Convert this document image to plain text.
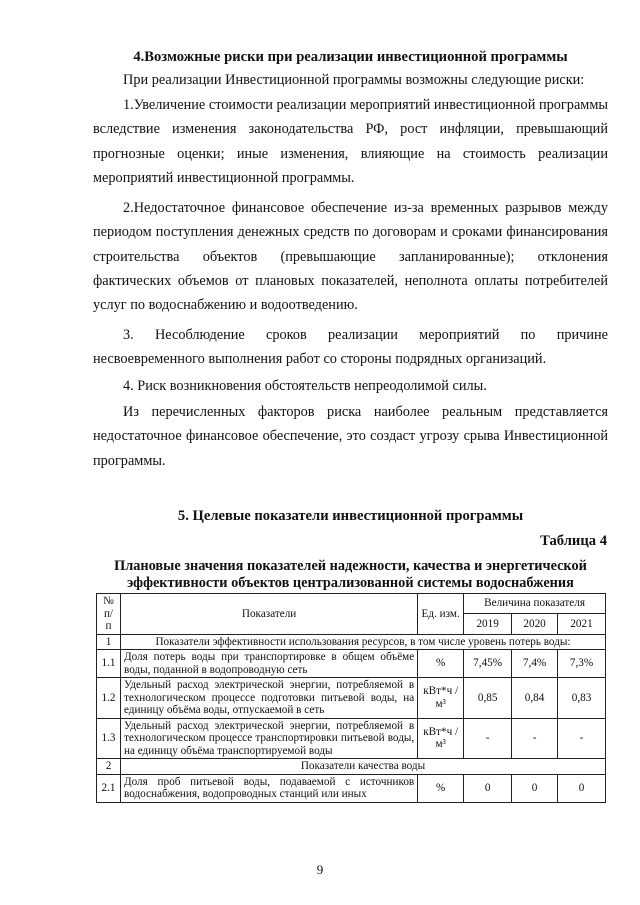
4.Возможные риски при реализации инвестиционной программы

При реализации Инвестиционной программы возможны следующие риски:

1.Увеличение стоимости реализации мероприятий инвестиционной программы вследствие изменения законодательства РФ, рост инфляции, превышающий прогнозные оценки; иные изменения, влияющие на стоимость реализации мероприятий инвестиционной программы.

2.Недостаточное финансовое обеспечение из-за временных разрывов между периодом поступления денежных средств по договорам и сроками финансирования строительства объектов (превышающие запланированные); отклонения фактических объемов от плановых показателей, неполнота оплаты потребителей услуг по водоснабжению и водоотведению.

3. Несоблюдение сроков реализации мероприятий по причине несвоевременного выполнения работ со стороны подрядных организаций.

4. Риск возникновения обстоятельств непреодолимой силы.

Из перечисленных факторов риска наиболее реальным представляется недостаточное финансовое обеспечение, это создаст угрозу срыва Инвестиционной программы.

5. Целевые показатели инвестиционной программы
Таблица 4
Плановые значения показателей надежности, качества и энергетической
эффективности объектов централизованной системы водоснабжения
№ п/ п	Показатели	Ед. изм.	Величина показателя		
			2019	2020	2021
1	Показатели эффективности использования ресурсов, в том числе уровень потерь воды:				
1.1	Доля потерь воды при транспортировке в общем объёме воды, поданной в водопроводную сеть	%	7,45%	7,4%	7,3%
1.2	Удельный расход электрической энергии, потребляемой в технологическом процессе подготовки питьевой воды, на единицу объёма воды, отпускаемой в сеть	кВт*ч /м³	0,85	0,84	0,83
1.3	Удельный расход электрической энергии, потребляемой в технологическом процессе транспортировки питьевой воды, на единицу объёма транспортируемой воды	кВт*ч /м³	-	-	-
2	Показатели качества воды				
2.1	Доля проб питьевой воды, подаваемой с источников водоснабжения, водопроводных станций или иных	%	0	0	0
9
